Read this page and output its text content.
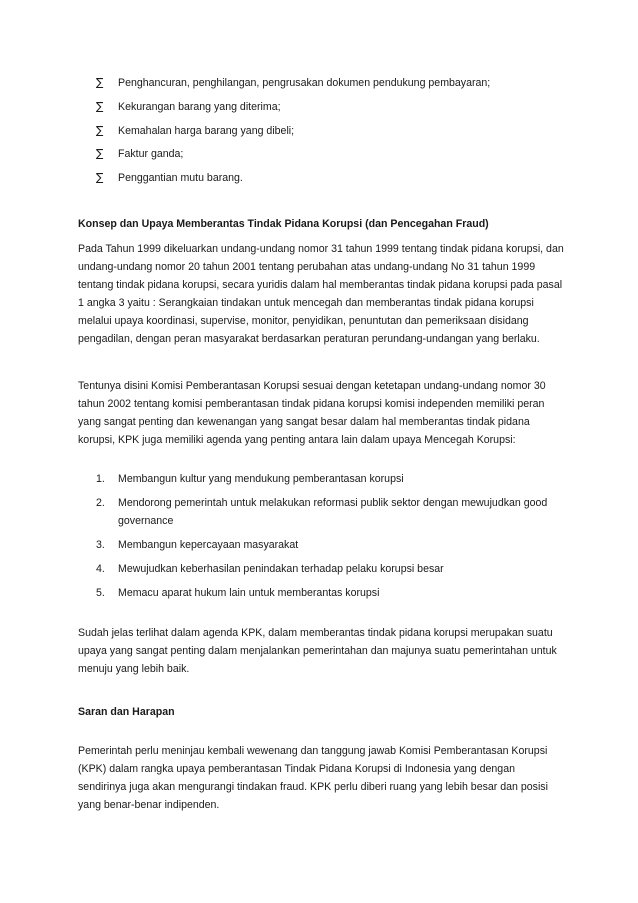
∑	Penghancuran, penghilangan, pengrusakan dokumen pendukung pembayaran;
∑	Kekurangan barang yang diterima;
∑	Kemahalan harga barang yang dibeli;
∑	Faktur ganda;
∑	Penggantian mutu barang.
Konsep dan Upaya Memberantas Tindak Pidana Korupsi (dan Pencegahan Fraud)

Pada Tahun 1999 dikeluarkan undang-undang nomor 31 tahun 1999 tentang tindak pidana korupsi, dan undang-undang nomor 20 tahun 2001 tentang perubahan atas undang-undang No 31 tahun 1999 tentang tindak pidana korupsi, secara yuridis dalam hal memberantas tindak pidana korupsi pada pasal 1 angka 3 yaitu : Serangkaian tindakan untuk mencegah dan memberantas tindak pidana korupsi melalui upaya koordinasi, supervise, monitor, penyidikan, penuntutan dan pemeriksaan disidang pengadilan, dengan peran masyarakat berdasarkan peraturan perundang-undangan yang berlaku.

Tentunya disini Komisi Pemberantasan Korupsi sesuai dengan ketetapan undang-undang nomor 30 tahun 2002 tentang komisi pemberantasan tindak pidana korupsi komisi independen memiliki peran yang sangat penting dan kewenangan yang sangat besar dalam hal memberantas tindak pidana korupsi, KPK juga memiliki agenda yang penting antara lain dalam upaya Mencegah Korupsi:

1.	Membangun kultur yang mendukung pemberantasan korupsi
2.	Mendorong pemerintah untuk melakukan reformasi publik sektor dengan mewujudkan good governance
3.	Membangun kepercayaan masyarakat
4.	Mewujudkan keberhasilan penindakan terhadap pelaku korupsi besar
5.	Memacu aparat hukum lain untuk memberantas korupsi

Sudah jelas terlihat dalam agenda KPK, dalam memberantas tindak pidana korupsi merupakan suatu upaya yang sangat penting dalam menjalankan pemerintahan dan majunya suatu pemerintahan untuk menuju yang lebih baik.

Saran dan Harapan

Pemerintah perlu meninjau kembali wewenang dan tanggung jawab Komisi Pemberantasan Korupsi (KPK) dalam rangka upaya pemberantasan Tindak Pidana Korupsi di Indonesia yang dengan sendirinya juga akan mengurangi tindakan fraud. KPK perlu diberi ruang yang lebih besar dan posisi yang benar-benar indipenden.
